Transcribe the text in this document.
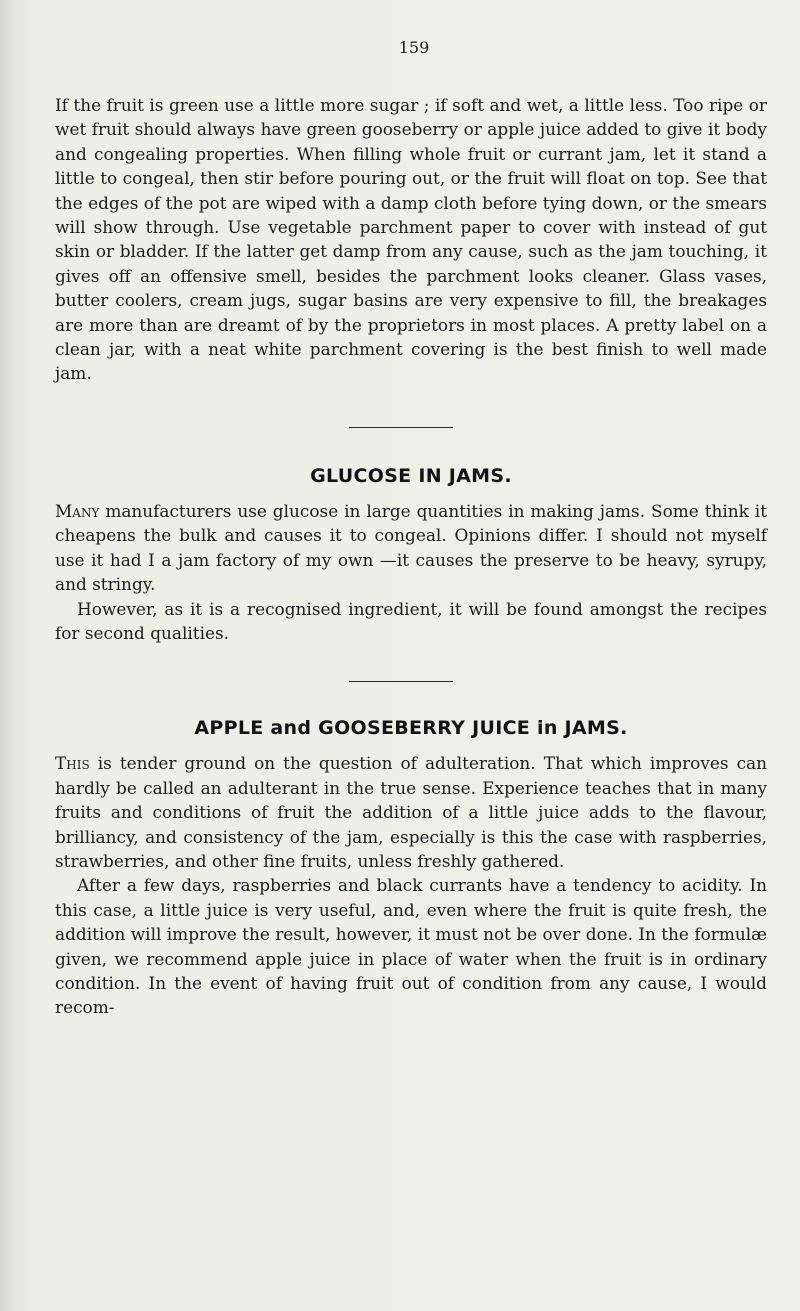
159

If the fruit is green use a little more sugar ; if soft and wet, a little less. Too ripe or wet fruit should always have green gooseberry or apple juice added to give it body and congealing properties. When filling whole fruit or currant jam, let it stand a little to congeal, then stir before pouring out, or the fruit will float on top. See that the edges of the pot are wiped with a damp cloth before tying down, or the smears will show through. Use vegetable parchment paper to cover with instead of gut skin or bladder. If the latter get damp from any cause, such as the jam touching, it gives off an offensive smell, besides the parchment looks cleaner. Glass vases, butter coolers, cream jugs, sugar basins are very expensive to fill, the breakages are more than are dreamt of by the proprietors in most places. A pretty label on a clean jar, with a neat white parchment covering is the best finish to well made jam.

GLUCOSE IN JAMS.

Many manufacturers use glucose in large quantities in making jams. Some think it cheapens the bulk and causes it to congeal. Opinions differ. I should not myself use it had I a jam factory of my own —it causes the preserve to be heavy, syrupy, and stringy.

However, as it is a recognised ingredient, it will be found amongst the recipes for second qualities.

APPLE and GOOSEBERRY JUICE in JAMS.

This is tender ground on the question of adulteration. That which improves can hardly be called an adulterant in the true sense. Experience teaches that in many fruits and conditions of fruit the addition of a little juice adds to the flavour, brilliancy, and consistency of the jam, especially is this the case with raspberries, strawberries, and other fine fruits, unless freshly gathered.

After a few days, raspberries and black currants have a tendency to acidity. In this case, a little juice is very useful, and, even where the fruit is quite fresh, the addition will improve the result, however, it must not be over done. In the formulæ given, we recommend apple juice in place of water when the fruit is in ordinary condition. In the event of having fruit out of condition from any cause, I would recom-
